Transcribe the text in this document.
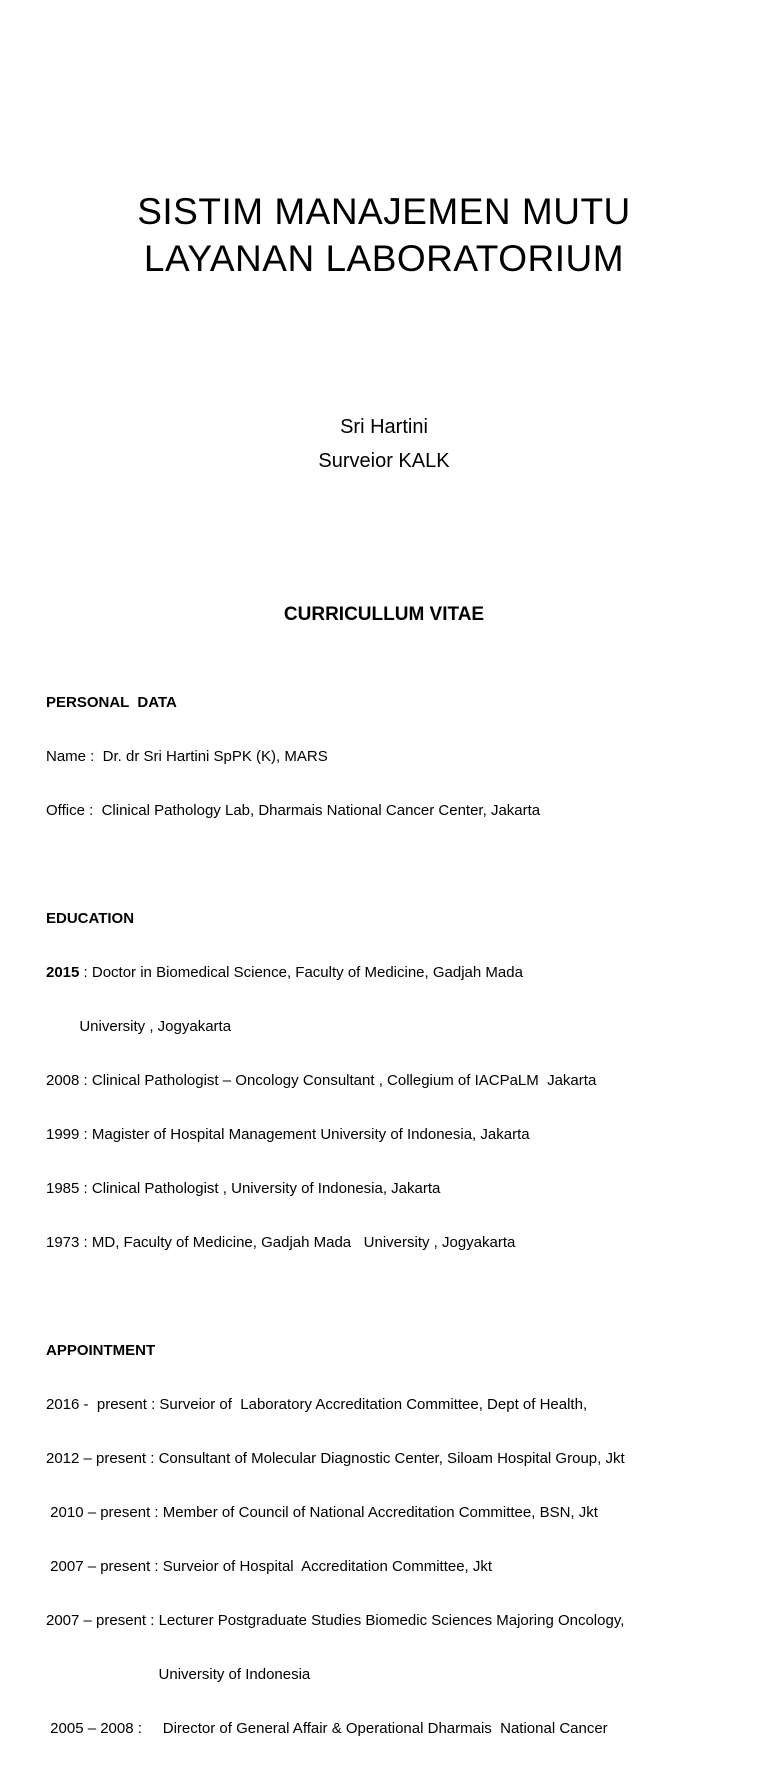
SISTIM MANAJEMEN MUTU
LAYANAN LABORATORIUM
Sri Hartini
Surveior KALK
CURRICULLUM VITAE

PERSONAL  DATA

Name :  Dr. dr Sri Hartini SpPK (K), MARS

Office :  Clinical Pathology Lab, Dharmais National Cancer Center, Jakarta

EDUCATION

2015 : Doctor in Biomedical Science, Faculty of Medicine, Gadjah Mada

University , Jogyakarta

2008 : Clinical Pathologist – Oncology Consultant , Collegium of IACPaLM  Jakarta

1999 : Magister of Hospital Management University of Indonesia, Jakarta

1985 : Clinical Pathologist , University of Indonesia, Jakarta

1973 : MD, Faculty of Medicine, Gadjah Mada   University , Jogyakarta

APPOINTMENT

2016 -  present : Surveior of  Laboratory Accreditation Committee, Dept of Health,

2012 – present : Consultant of Molecular Diagnostic Center, Siloam Hospital Group, Jkt

2010 – present : Member of Council of National Accreditation Committee, BSN, Jkt

2007 – present : Surveior of Hospital  Accreditation Committee, Jkt

2007 – present : Lecturer Postgraduate Studies Biomedic Sciences Majoring Oncology,

University of Indonesia

2005 – 2008 :     Director of General Affair & Operational Dharmais  National Cancer
